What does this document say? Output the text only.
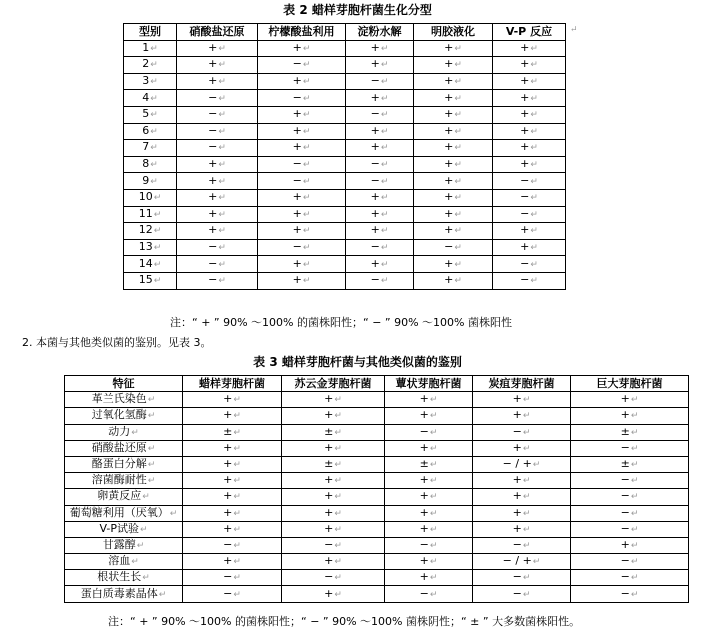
表 2 蜡样芽胞杆菌生化分型
型别	硝酸盐还原	柠檬酸盐利用	淀粉水解	明胶液化	V-P 反应
1↵	+↵	+↵	+↵	+↵	+↵
2↵	+↵	−↵	+↵	+↵	+↵
3↵	+↵	+↵	−↵	+↵	+↵
4↵	−↵	−↵	+↵	+↵	+↵
5↵	−↵	+↵	−↵	+↵	+↵
6↵	−↵	+↵	+↵	+↵	+↵
7↵	−↵	+↵	+↵	+↵	+↵
8↵	+↵	−↵	−↵	+↵	+↵
9↵	+↵	−↵	−↵	+↵	−↵
10↵	+↵	+↵	+↵	+↵	−↵
11↵	+↵	+↵	+↵	+↵	−↵
12↵	+↵	+↵	+↵	+↵	+↵
13↵	−↵	−↵	−↵	−↵	+↵
14↵	−↵	+↵	+↵	+↵	−↵
15↵	−↵	+↵	−↵	+↵	−↵
↵
注：“ + ” 90% ～100% 的菌株阳性；“ − ” 90% ～100% 菌株阳性
2. 本菌与其他类似菌的鉴别。见表 3。
表 3 蜡样芽胞杆菌与其他类似菌的鉴别
特征	蜡样芽胞杆菌	苏云金芽胞杆菌	蕈状芽胞杆菌	炭疽芽胞杆菌	巨大芽胞杆菌
革兰氏染色↵	+↵	+↵	+↵	+↵	+↵
过氧化氢酶↵	+↵	+↵	+↵	+↵	+↵
动力↵	±↵	±↵	−↵	−↵	±↵
硝酸盐还原↵	+↵	+↵	+↵	+↵	−↵
酪蛋白分解↵	+↵	±↵	±↵	− / +↵	±↵
溶菌酶耐性↵	+↵	+↵	+↵	+↵	−↵
卵黄反应↵	+↵	+↵	+↵	+↵	−↵
葡萄糖利用（厌氧）↵	+↵	+↵	+↵	+↵	−↵
V-P试验↵	+↵	+↵	+↵	+↵	−↵
甘露醇↵	−↵	−↵	−↵	−↵	+↵
溶血↵	+↵	+↵	+↵	− / +↵	−↵
根状生长↵	−↵	−↵	+↵	−↵	−↵
蛋白质毒素晶体↵	−↵	+↵	−↵	−↵	−↵
注：“ + ” 90% ～100% 的菌株阳性；“ − ” 90% ～100% 菌株阴性；“ ± ” 大多数菌株阳性。
